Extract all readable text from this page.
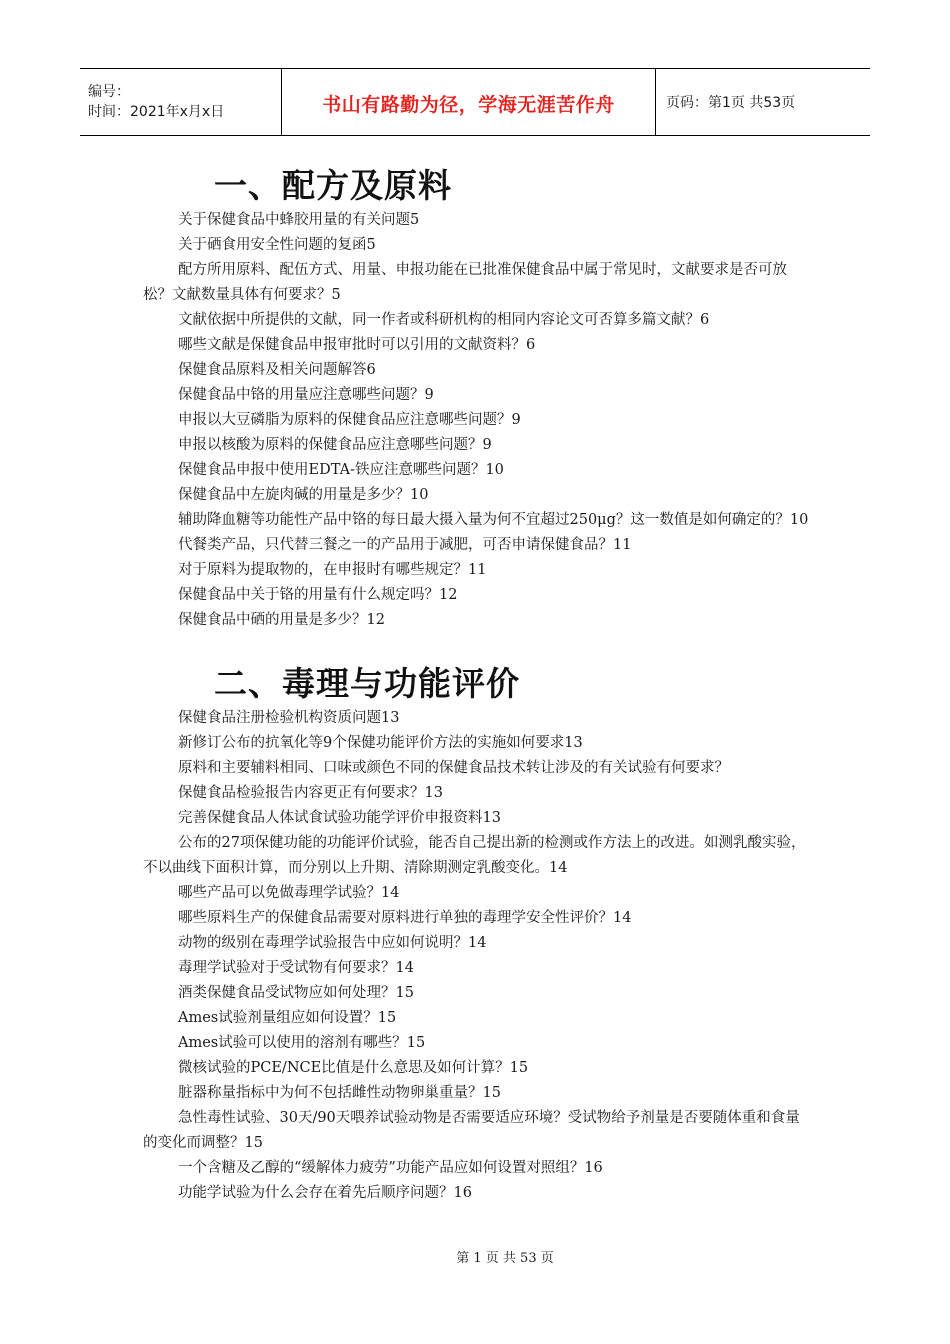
编号：
时间：2021年x月x日	书山有路勤为径，学海无涯苦作舟	页码：第1页 共53页
一、配方及原料

关于保健食品中蜂胶用量的有关问题5

关于硒食用安全性问题的复函5

配方所用原料、配伍方式、用量、申报功能在已批准保健食品中属于常见时，文献要求是否可放松？文献数量具体有何要求？5

文献依据中所提供的文献，同一作者或科研机构的相同内容论文可否算多篇文献？6

哪些文献是保健食品申报审批时可以引用的文献资料？6

保健食品原料及相关问题解答6

保健食品中铬的用量应注意哪些问题？9

申报以大豆磷脂为原料的保健食品应注意哪些问题？9

申报以核酸为原料的保健食品应注意哪些问题？9

保健食品申报中使用EDTA-铁应注意哪些问题？10

保健食品中左旋肉碱的用量是多少？10

辅助降血糖等功能性产品中铬的每日最大摄入量为何不宜超过250μg？这一数值是如何确定的？10

代餐类产品，只代替三餐之一的产品用于减肥，可否申请保健食品？11

对于原料为提取物的，在申报时有哪些规定？11

保健食品中关于铬的用量有什么规定吗？12

保健食品中硒的用量是多少？12

二、毒理与功能评价

保健食品注册检验机构资质问题13

新修订公布的抗氧化等9个保健功能评价方法的实施如何要求13

原料和主要辅料相同、口味或颜色不同的保健食品技术转让涉及的有关试验有何要求？

保健食品检验报告内容更正有何要求？13

完善保健食品人体试食试验功能学评价申报资料13

公布的27项保健功能的功能评价试验，能否自己提出新的检测或作方法上的改进。如测乳酸实验，不以曲线下面积计算，而分别以上升期、清除期测定乳酸变化。14

哪些产品可以免做毒理学试验？14

哪些原料生产的保健食品需要对原料进行单独的毒理学安全性评价？14

动物的级别在毒理学试验报告中应如何说明？14

毒理学试验对于受试物有何要求？14

酒类保健食品受试物应如何处理？15

Ames试验剂量组应如何设置？15

Ames试验可以使用的溶剂有哪些？15

微核试验的PCE/NCE比值是什么意思及如何计算？15

脏器称量指标中为何不包括雌性动物卵巢重量？15

急性毒性试验、30天/90天喂养试验动物是否需要适应环境？受试物给予剂量是否要随体重和食量的变化而调整？15

一个含糖及乙醇的“缓解体力疲劳”功能产品应如何设置对照组？16

功能学试验为什么会存在着先后顺序问题？16

第 1 页 共 53 页
